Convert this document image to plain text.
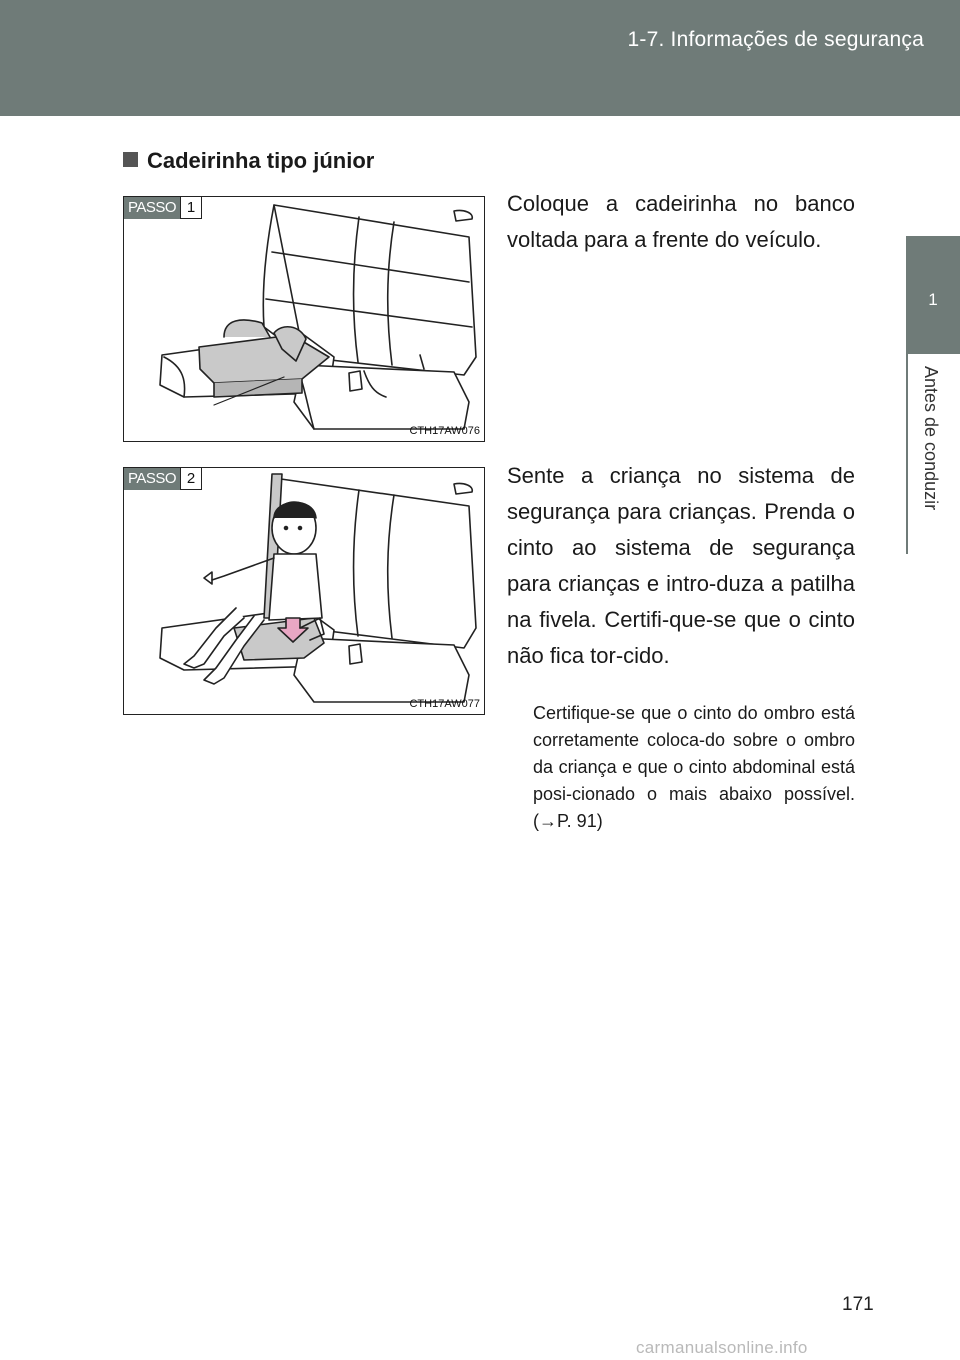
1-7. Informações de segurança
1
Antes de conduzir
Cadeirinha tipo júnior
PASSO 1
CTH17AW076
PASSO 2
CTH17AW077
Coloque a cadeirinha no banco voltada para a frente do veículo.
Sente a criança no sistema de segurança para crianças. Prenda o cinto ao sistema de segurança para crianças e intro-duza a patilha na fivela. Certifi-que-se que o cinto não fica tor-cido.
Certifique-se que o cinto do ombro está corretamente coloca-do sobre o ombro da criança e que o cinto abdominal está posi-cionado o mais abaixo possível. (→P. 91)
171
carmanualsonline.info
